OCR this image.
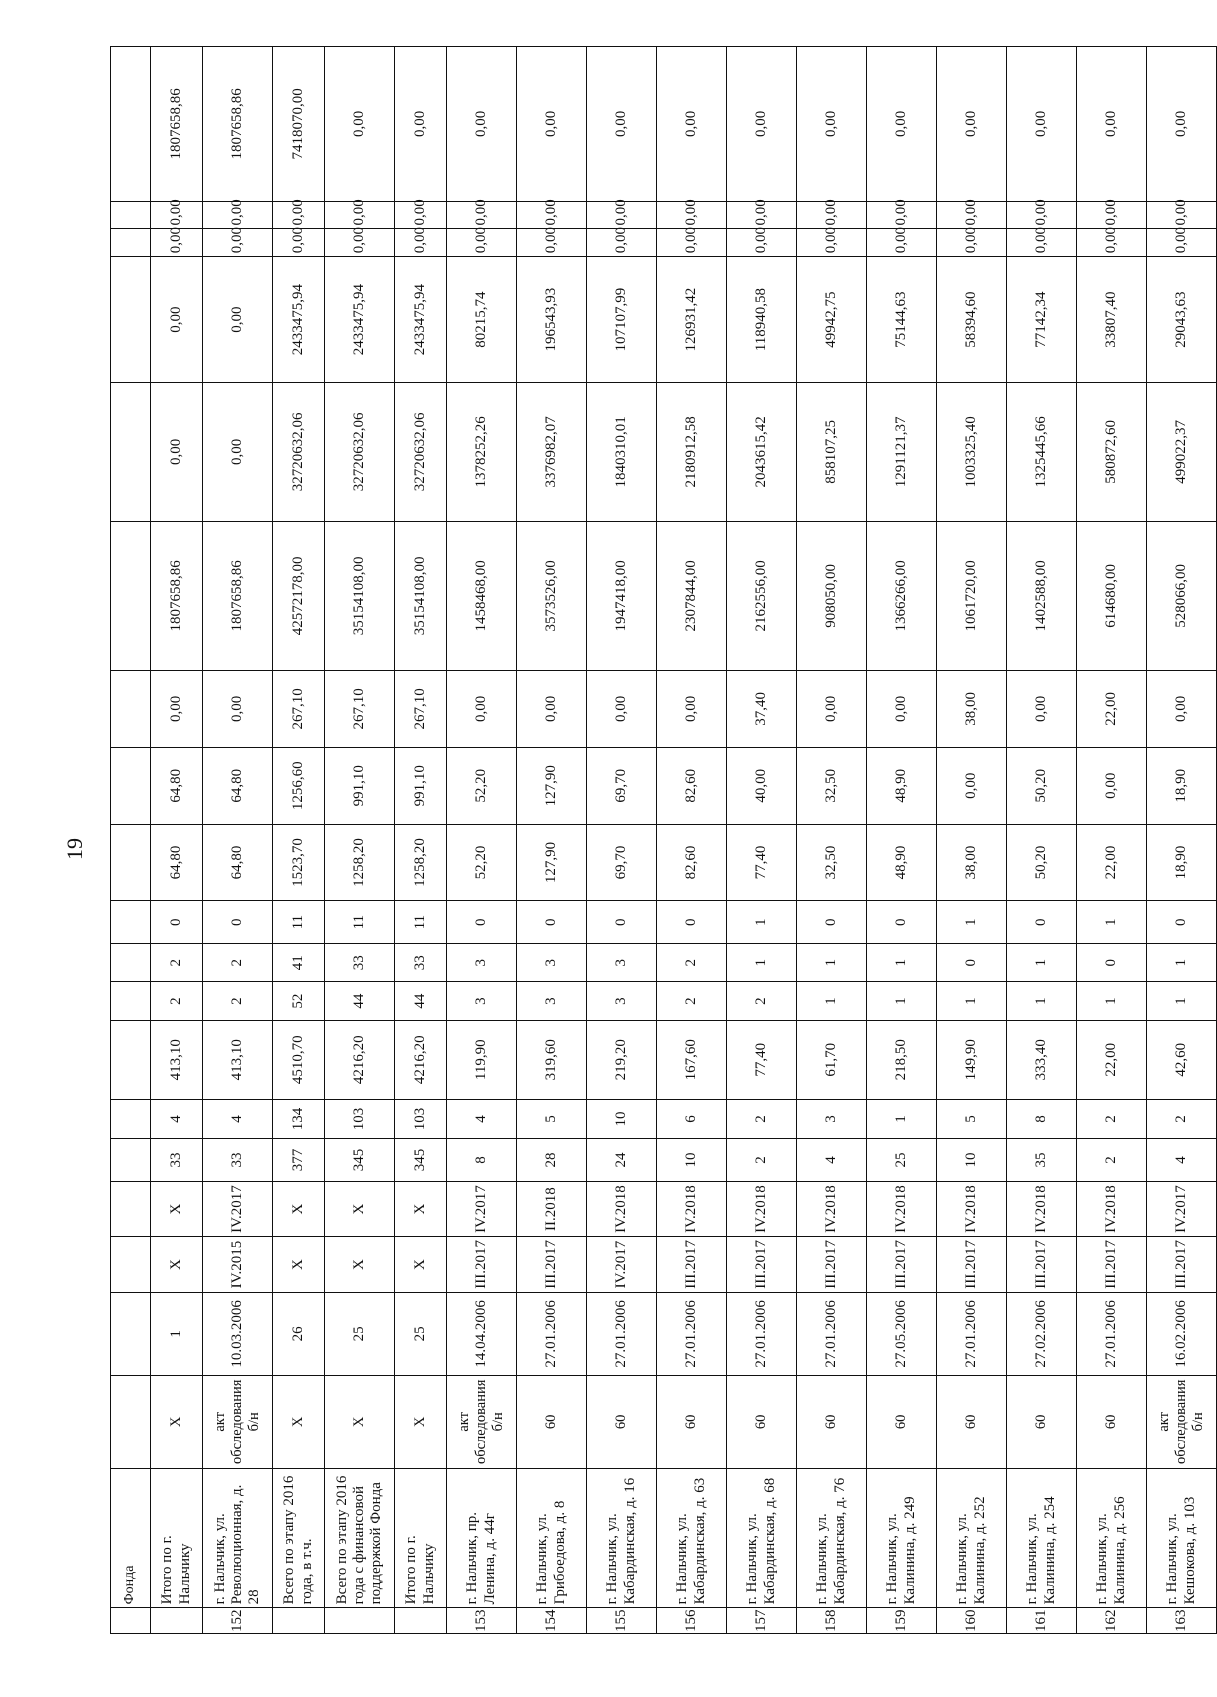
19
	Фонда																			
	Итого по г. Нальчику	Х	1	Х	Х	33	4	413,10	2	2	0	64,80	64,80	0,00	1807658,86	0,00	0,00	0,00	0,00	1807658,86
152	г. Нальчик, ул. Революционная, д. 28	акт обследования б/н	10.03.2006	IV.2015	IV.2017	33	4	413,10	2	2	0	64,80	64,80	0,00	1807658,86	0,00	0,00	0,00	0,00	1807658,86
	Всего по этапу 2016 года, в т.ч.	Х	26	Х	Х	377	134	4510,70	52	41	11	1523,70	1256,60	267,10	42572178,00	32720632,06	2433475,94	0,00	0,00	7418070,00
	Всего по этапу 2016 года с финансовой поддержкой Фонда	Х	25	Х	Х	345	103	4216,20	44	33	11	1258,20	991,10	267,10	35154108,00	32720632,06	2433475,94	0,00	0,00	0,00
	Итого по г. Нальчику	Х	25	Х	Х	345	103	4216,20	44	33	11	1258,20	991,10	267,10	35154108,00	32720632,06	2433475,94	0,00	0,00	0,00
153	г. Нальчик, пр. Ленина, д. 44г	акт обследования б/н	14.04.2006	III.2017	IV.2017	8	4	119,90	3	3	0	52,20	52,20	0,00	1458468,00	1378252,26	80215,74	0,00	0,00	0,00
154	г. Нальчик, ул. Грибоедова, д. 8	60	27.01.2006	III.2017	II.2018	28	5	319,60	3	3	0	127,90	127,90	0,00	3573526,00	3376982,07	196543,93	0,00	0,00	0,00
155	г. Нальчик, ул. Кабардинская, д. 16	60	27.01.2006	IV.2017	IV.2018	24	10	219,20	3	3	0	69,70	69,70	0,00	1947418,00	1840310,01	107107,99	0,00	0,00	0,00
156	г. Нальчик, ул. Кабардинская, д. 63	60	27.01.2006	III.2017	IV.2018	10	6	167,60	2	2	0	82,60	82,60	0,00	2307844,00	2180912,58	126931,42	0,00	0,00	0,00
157	г. Нальчик, ул. Кабардинская, д. 68	60	27.01.2006	III.2017	IV.2018	2	2	77,40	2	1	1	77,40	40,00	37,40	2162556,00	2043615,42	118940,58	0,00	0,00	0,00
158	г. Нальчик, ул. Кабардинская, д. 76	60	27.01.2006	III.2017	IV.2018	4	3	61,70	1	1	0	32,50	32,50	0,00	908050,00	858107,25	49942,75	0,00	0,00	0,00
159	г. Нальчик, ул. Калинина, д. 249	60	27.05.2006	III.2017	IV.2018	25	1	218,50	1	1	0	48,90	48,90	0,00	1366266,00	1291121,37	75144,63	0,00	0,00	0,00
160	г. Нальчик, ул. Калинина, д. 252	60	27.01.2006	III.2017	IV.2018	10	5	149,90	1	0	1	38,00	0,00	38,00	1061720,00	1003325,40	58394,60	0,00	0,00	0,00
161	г. Нальчик, ул. Калинина, д. 254	60	27.02.2006	III.2017	IV.2018	35	8	333,40	1	1	0	50,20	50,20	0,00	1402588,00	1325445,66	77142,34	0,00	0,00	0,00
162	г. Нальчик, ул. Калинина, д. 256	60	27.01.2006	III.2017	IV.2018	2	2	22,00	1	0	1	22,00	0,00	22,00	614680,00	580872,60	33807,40	0,00	0,00	0,00
163	г. Нальчик, ул. Кешокова, д. 103	акт обследования б/н	16.02.2006	III.2017	IV.2017	4	2	42,60	1	1	0	18,90	18,90	0,00	528066,00	499022,37	29043,63	0,00	0,00	0,00
